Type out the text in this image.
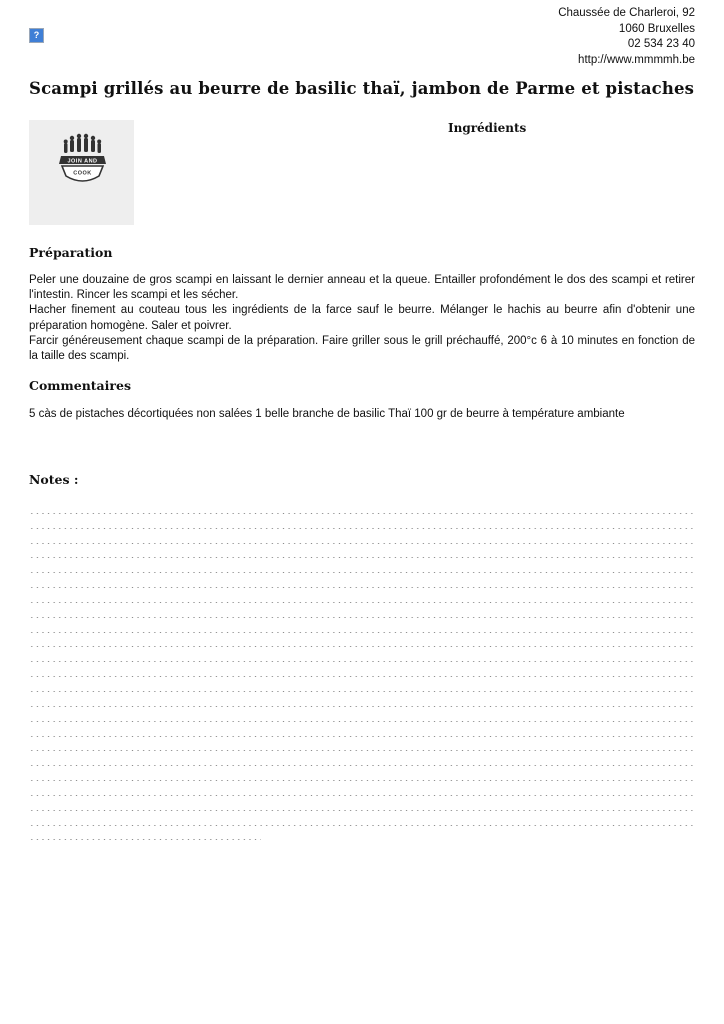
Chaussée de Charleroi, 92
1060 Bruxelles
02 534 23 40
http://www.mmmmh.be
?
Scampi grillés au beurre de basilic thaï, jambon de Parme et pistaches
JOIN AND
COOK
Ingrédients
Préparation

Peler une douzaine de gros scampi en laissant le dernier anneau et la queue. Entailler profondément le dos des scampi et retirer l'intestin. Rincer les scampi et les sécher.

Hacher finement au couteau tous les ingrédients de la farce sauf le beurre. Mélanger le hachis au beurre afin d'obtenir une préparation homogène. Saler et poivrer.

Farcir généreusement chaque scampi de la préparation. Faire griller sous le grill préchauffé, 200°c 6 à 10 minutes en fonction de la taille des scampi.

Commentaires
5 càs de pistaches décortiquées non salées 1 belle branche de basilic Thaï 100 gr de beurre à température ambiante
Notes :
